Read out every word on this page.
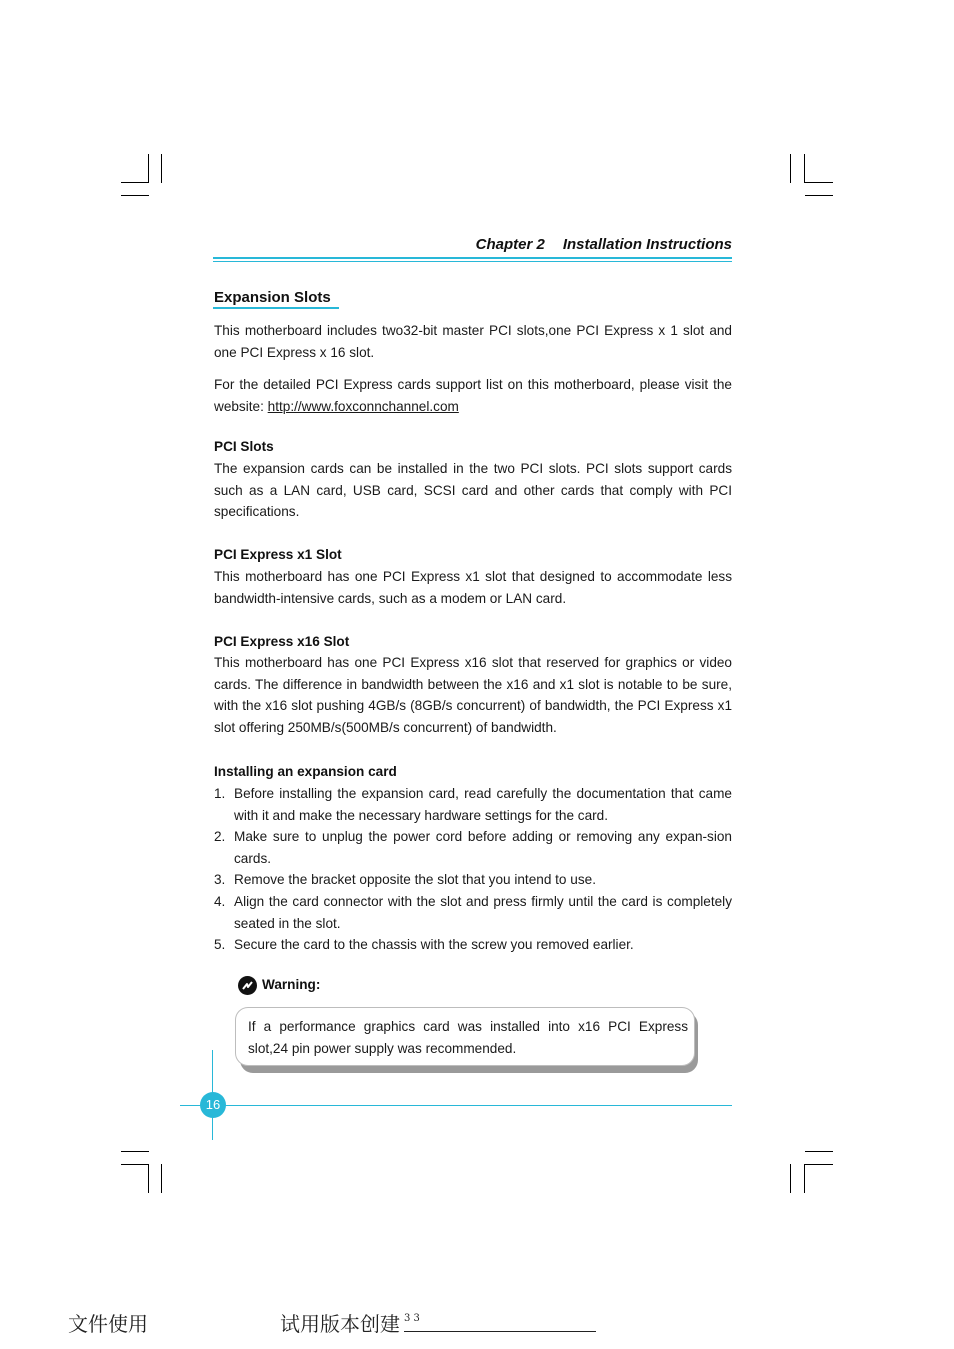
Chapter 2 Installation Instructions
Expansion Slots
This motherboard includes two32-bit master PCI slots,one PCI Express x 1 slot and one PCI Express x 16 slot.
For the detailed PCI Express cards support list on this motherboard, please visit the website: http://www.foxconnchannel.com
PCI Slots
The expansion cards can be installed in the two PCI slots. PCI slots support cards such as a LAN card, USB card, SCSI card and other cards that comply with PCI specifications.
PCI Express x1 Slot
This motherboard has one PCI Express x1 slot that designed to accommodate less bandwidth-intensive cards, such as a modem or LAN card.
PCI Express x16 Slot
This motherboard has one PCI Express x16 slot that reserved for graphics or video cards. The difference in bandwidth between the x16 and x1 slot is notable to be sure, with the x16 slot pushing 4GB/s (8GB/s concurrent) of bandwidth, the PCI Express x1 slot offering 250MB/s(500MB/s concurrent) of bandwidth.
Installing an expansion card
1. Before installing the expansion card, read carefully the documentation that came with it and make the necessary hardware settings for the card.
2. Make sure to unplug the power cord before adding or removing any expan-sion cards.
3. Remove the bracket opposite the slot that you intend to use.
4. Align the card connector with the slot and press firmly until the card is completely seated in the slot.
5. Secure the card to the chassis with the screw you removed earlier.
Warning:
If a performance graphics card was installed into x16 PCI Express slot,24 pin power supply was recommended.
16
文件使用	试用版本创建 3 3
